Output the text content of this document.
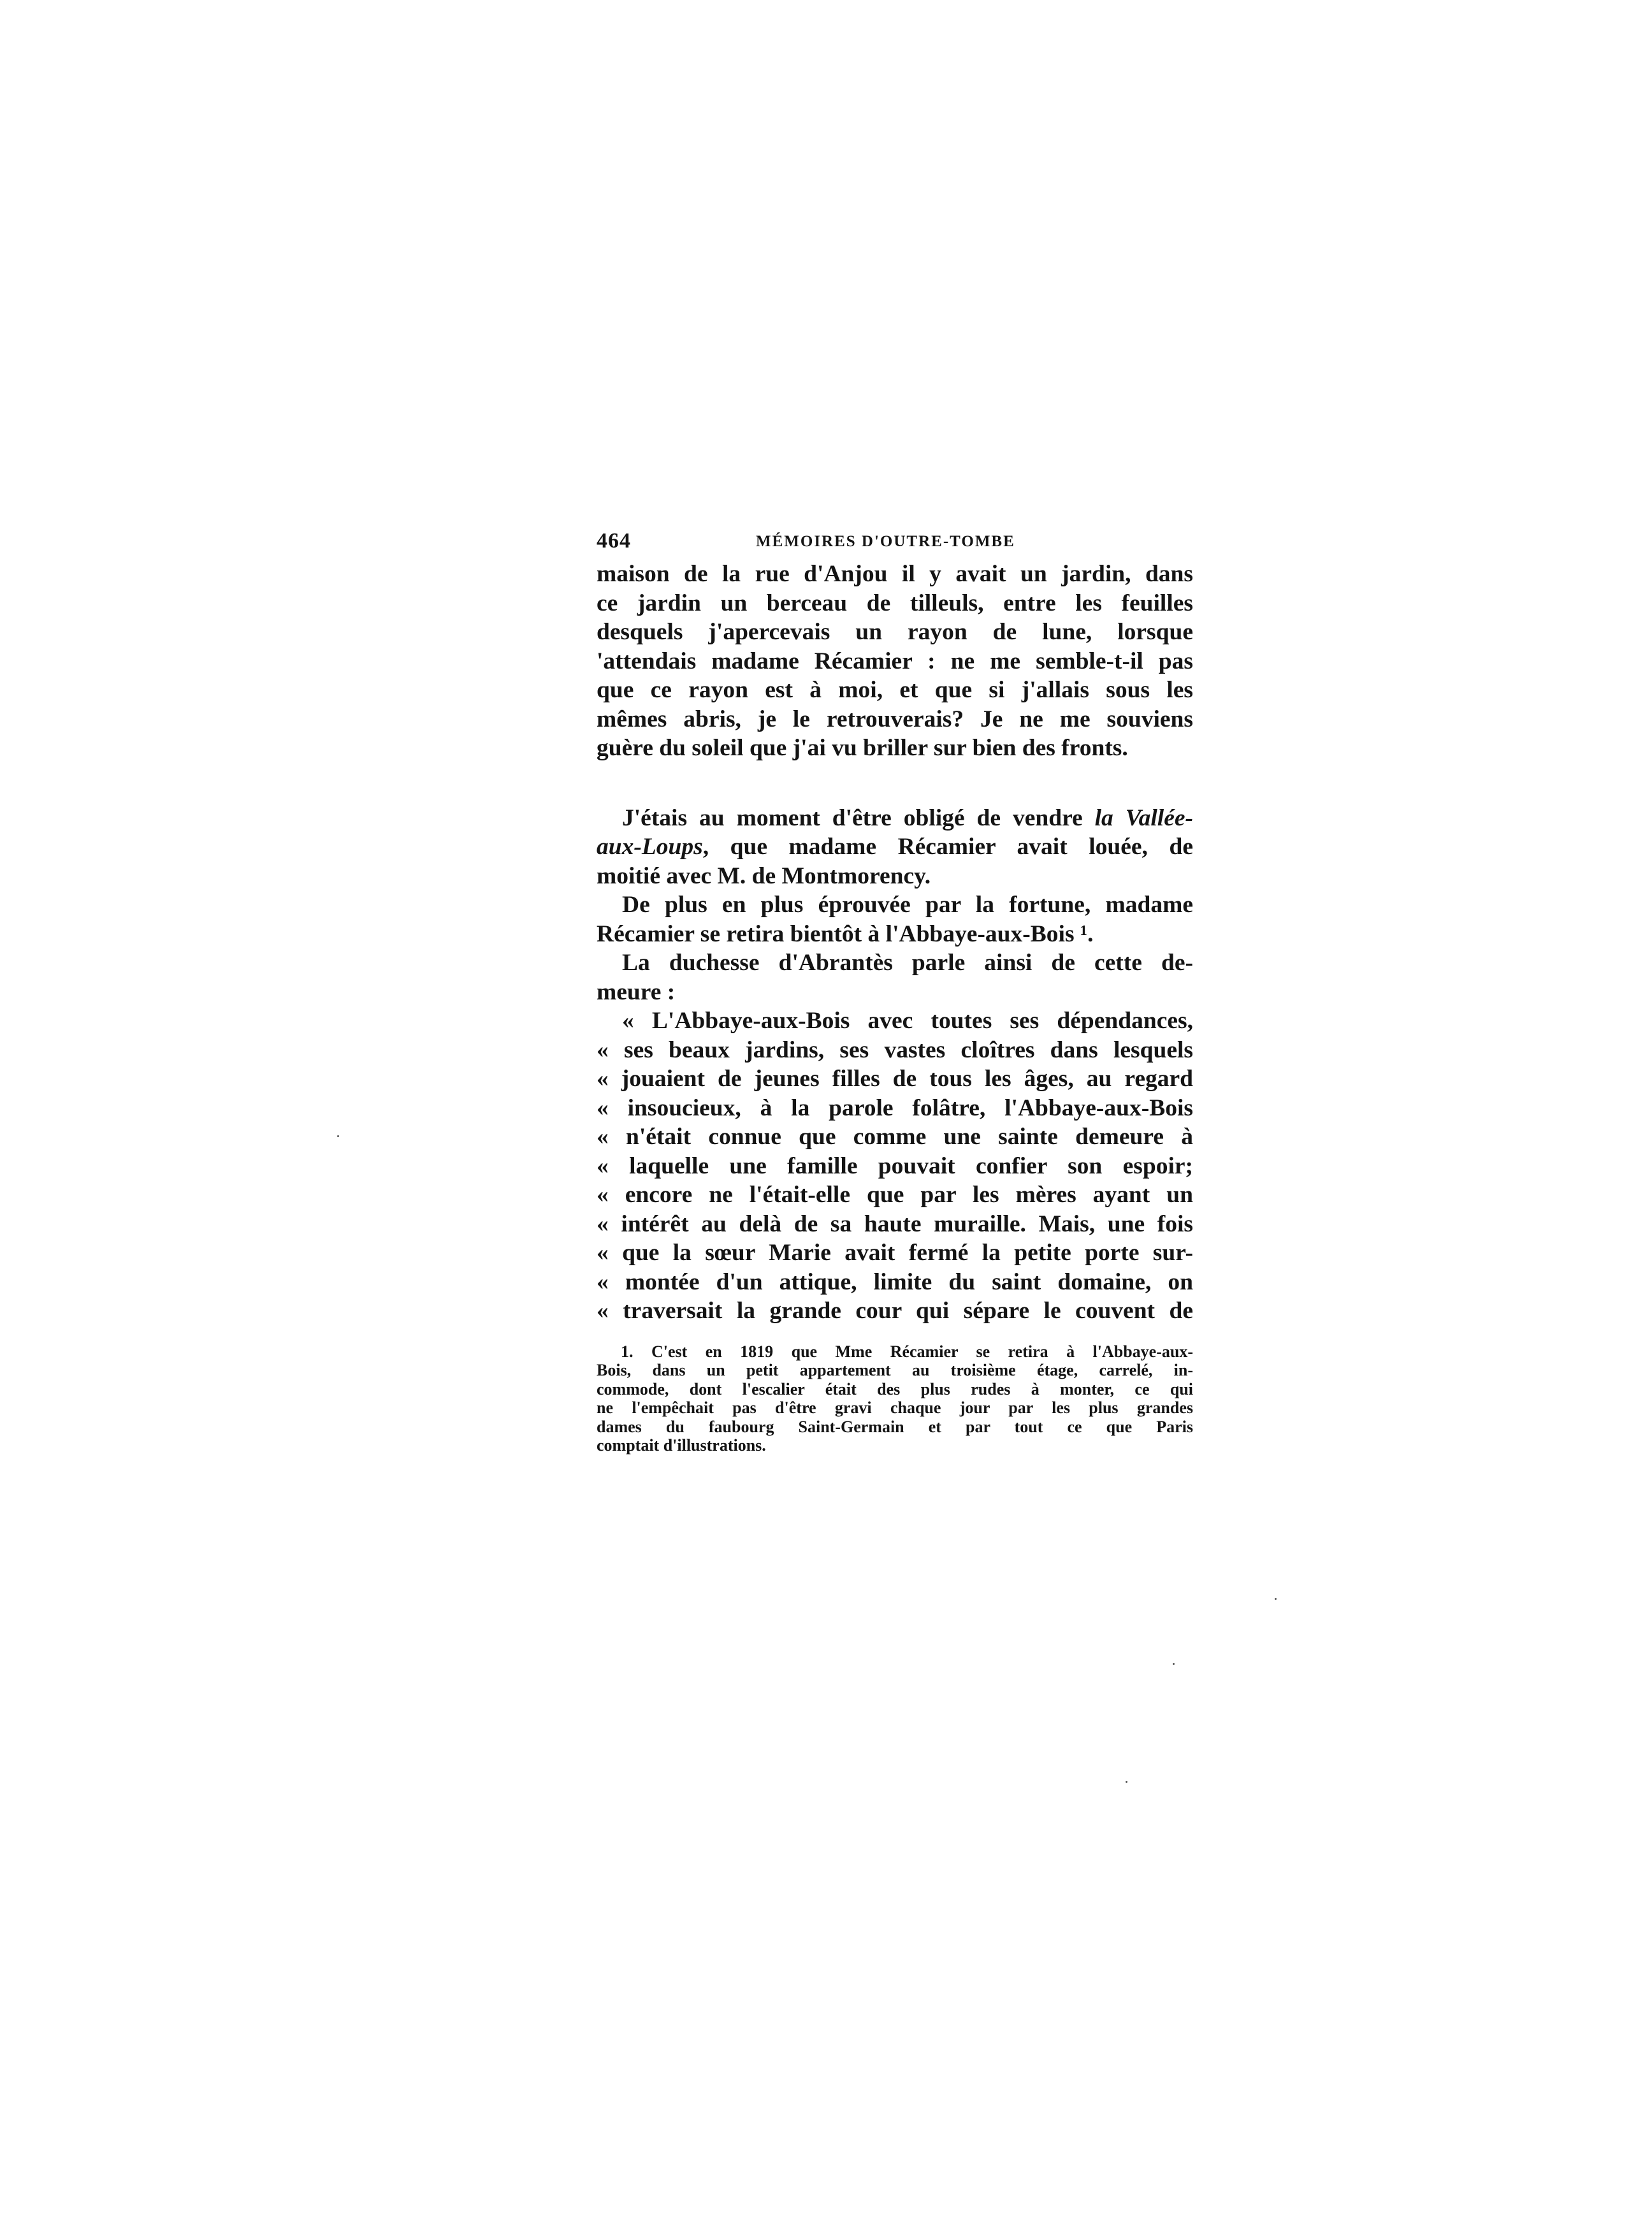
464	MÉMOIRES D'OUTRE-TOMBE
maison de la rue d'Anjou il y avait un jardin, dans
ce jardin un berceau de tilleuls, entre les feuilles
desquels j'apercevais un rayon de lune, lorsque
'attendais madame Récamier : ne me semble-t-il pas
que ce rayon est à moi, et que si j'allais sous les
mêmes abris, je le retrouverais? Je ne me souviens
guère du soleil que j'ai vu briller sur bien des fronts.
J'étais au moment d'être obligé de vendre la Vallée-
aux-Loups, que madame Récamier avait louée, de
moitié avec M. de Montmorency.
De plus en plus éprouvée par la fortune, madame
Récamier se retira bientôt à l'Abbaye-aux-Bois ¹.
La duchesse d'Abrantès parle ainsi de cette de-
meure :
« L'Abbaye-aux-Bois avec toutes ses dépendances,
« ses beaux jardins, ses vastes cloîtres dans lesquels
« jouaient de jeunes filles de tous les âges, au regard
« insoucieux, à la parole folâtre, l'Abbaye-aux-Bois
« n'était connue que comme une sainte demeure à
« laquelle une famille pouvait confier son espoir;
« encore ne l'était-elle que par les mères ayant un
« intérêt au delà de sa haute muraille. Mais, une fois
« que la sœur Marie avait fermé la petite porte sur-
« montée d'un attique, limite du saint domaine, on
« traversait la grande cour qui sépare le couvent de
1. C'est en 1819 que Mme Récamier se retira à l'Abbaye-aux-
Bois, dans un petit appartement au troisième étage, carrelé, in-
commode, dont l'escalier était des plus rudes à monter, ce qui
ne l'empêchait pas d'être gravi chaque jour par les plus grandes
dames du faubourg Saint-Germain et par tout ce que Paris
comptait d'illustrations.
